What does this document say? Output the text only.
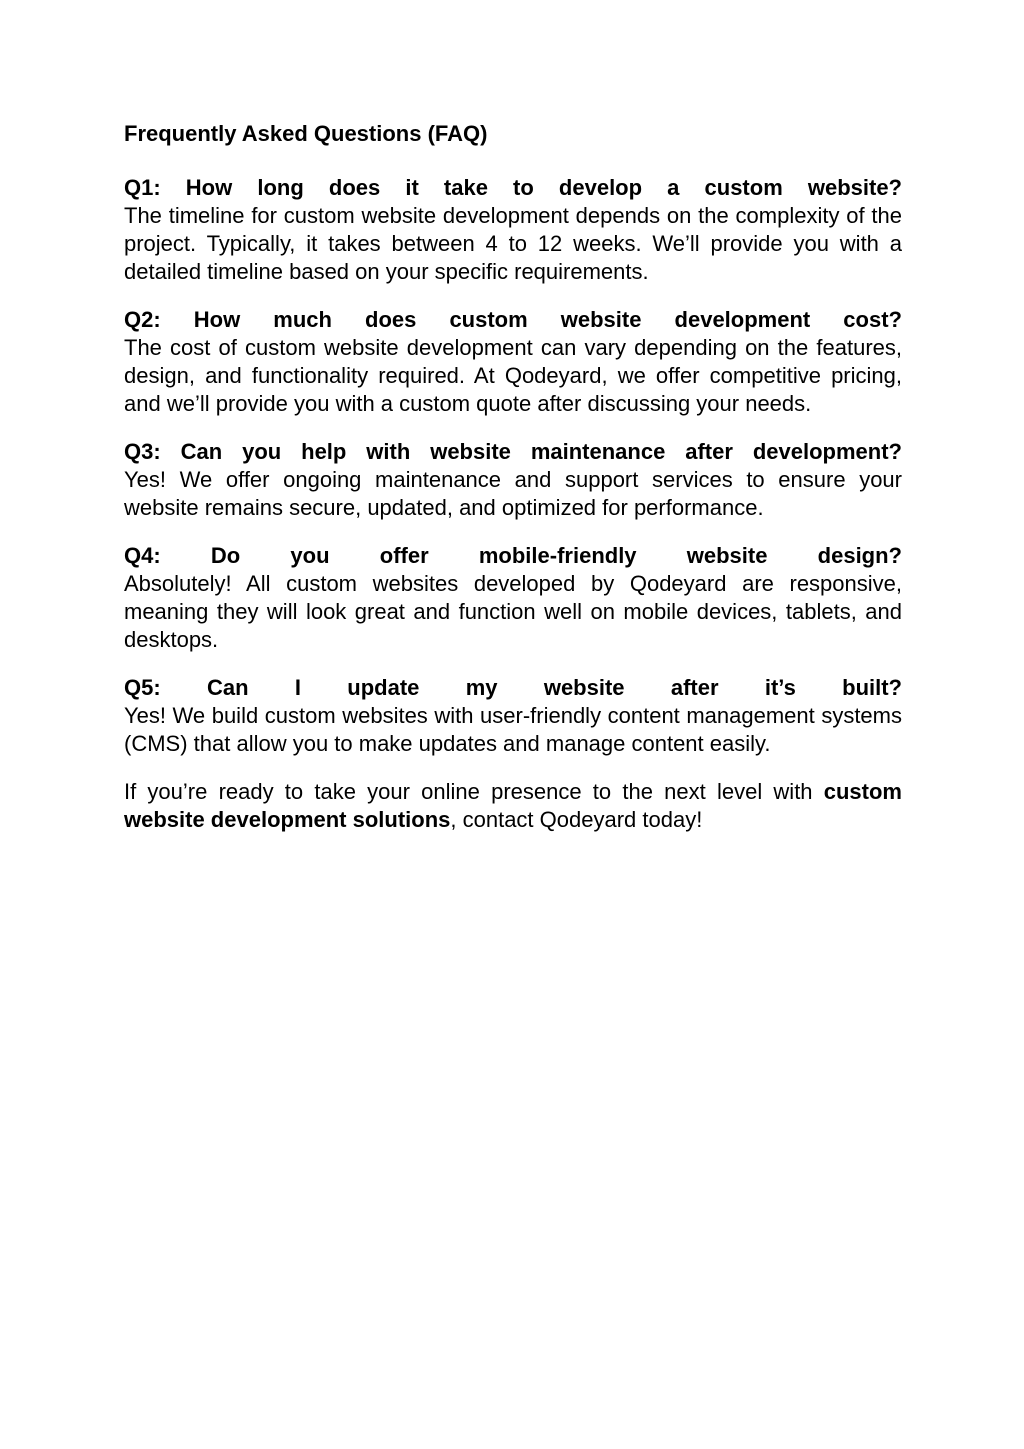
Frequently Asked Questions (FAQ)

Q1: How long does it take to develop a custom website?
The timeline for custom website development depends on the complexity of the project. Typically, it takes between 4 to 12 weeks. We’ll provide you with a detailed timeline based on your specific requirements.
Q2: How much does custom website development cost?
The cost of custom website development can vary depending on the features, design, and functionality required. At Qodeyard, we offer competitive pricing, and we’ll provide you with a custom quote after discussing your needs.
Q3: Can you help with website maintenance after development?
Yes! We offer ongoing maintenance and support services to ensure your website remains secure, updated, and optimized for performance.
Q4: Do you offer mobile-friendly website design?
Absolutely! All custom websites developed by Qodeyard are responsive, meaning they will look great and function well on mobile devices, tablets, and desktops.
Q5: Can I update my website after it’s built?
Yes! We build custom websites with user-friendly content management systems (CMS) that allow you to make updates and manage content easily.

If you’re ready to take your online presence to the next level with custom website development solutions, contact Qodeyard today!
